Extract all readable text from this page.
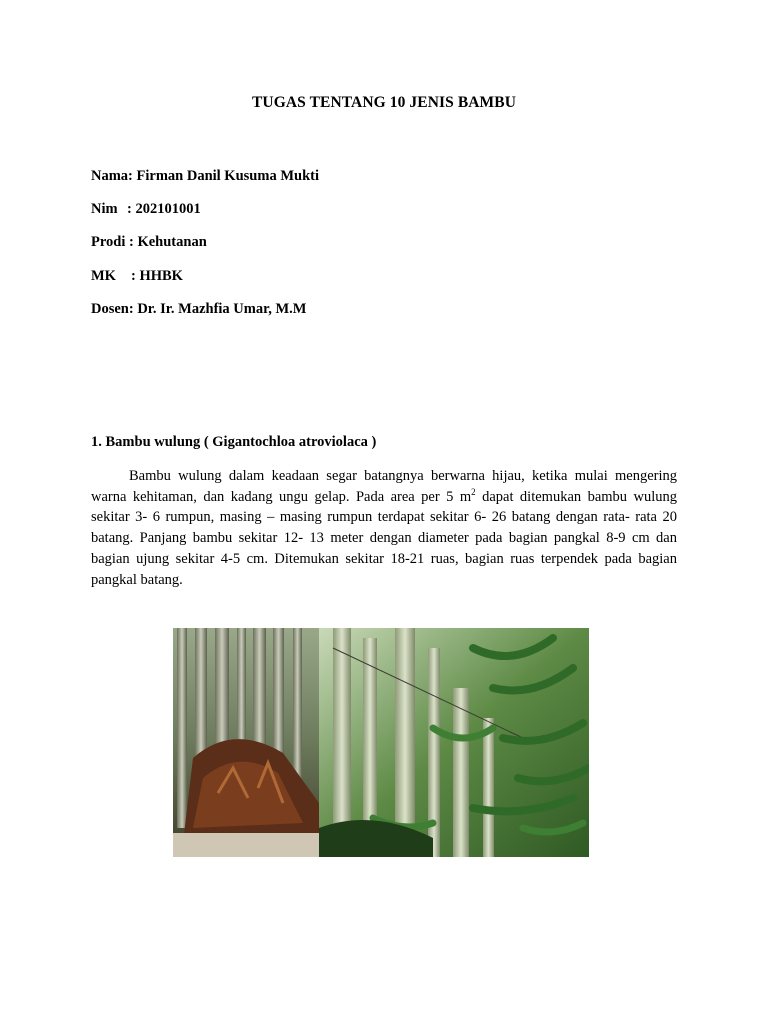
TUGAS TENTANG 10 JENIS BAMBU
Nama: Firman Danil Kusuma Mukti
Nim : 202101001
Prodi : Kehutanan
MK : HHBK
Dosen: Dr. Ir. Mazhfia Umar, M.M
1. Bambu wulung ( Gigantochloa atroviolaca )
Bambu wulung dalam keadaan segar batangnya berwarna hijau, ketika mulai mengering warna kehitaman, dan kadang ungu gelap. Pada area per 5 $m^2$ dapat ditemukan bambu wulung sekitar 3- 6 rumpun, masing – masing rumpun terdapat sekitar 6- 26 batang dengan rata- rata 20 batang. Panjang bambu sekitar 12- 13 meter dengan diameter pada bagian pangkal 8-9 cm dan bagian ujung sekitar 4-5 cm. Ditemukan sekitar 18-21 ruas, bagian ruas terpendek pada bagian pangkal batang.
